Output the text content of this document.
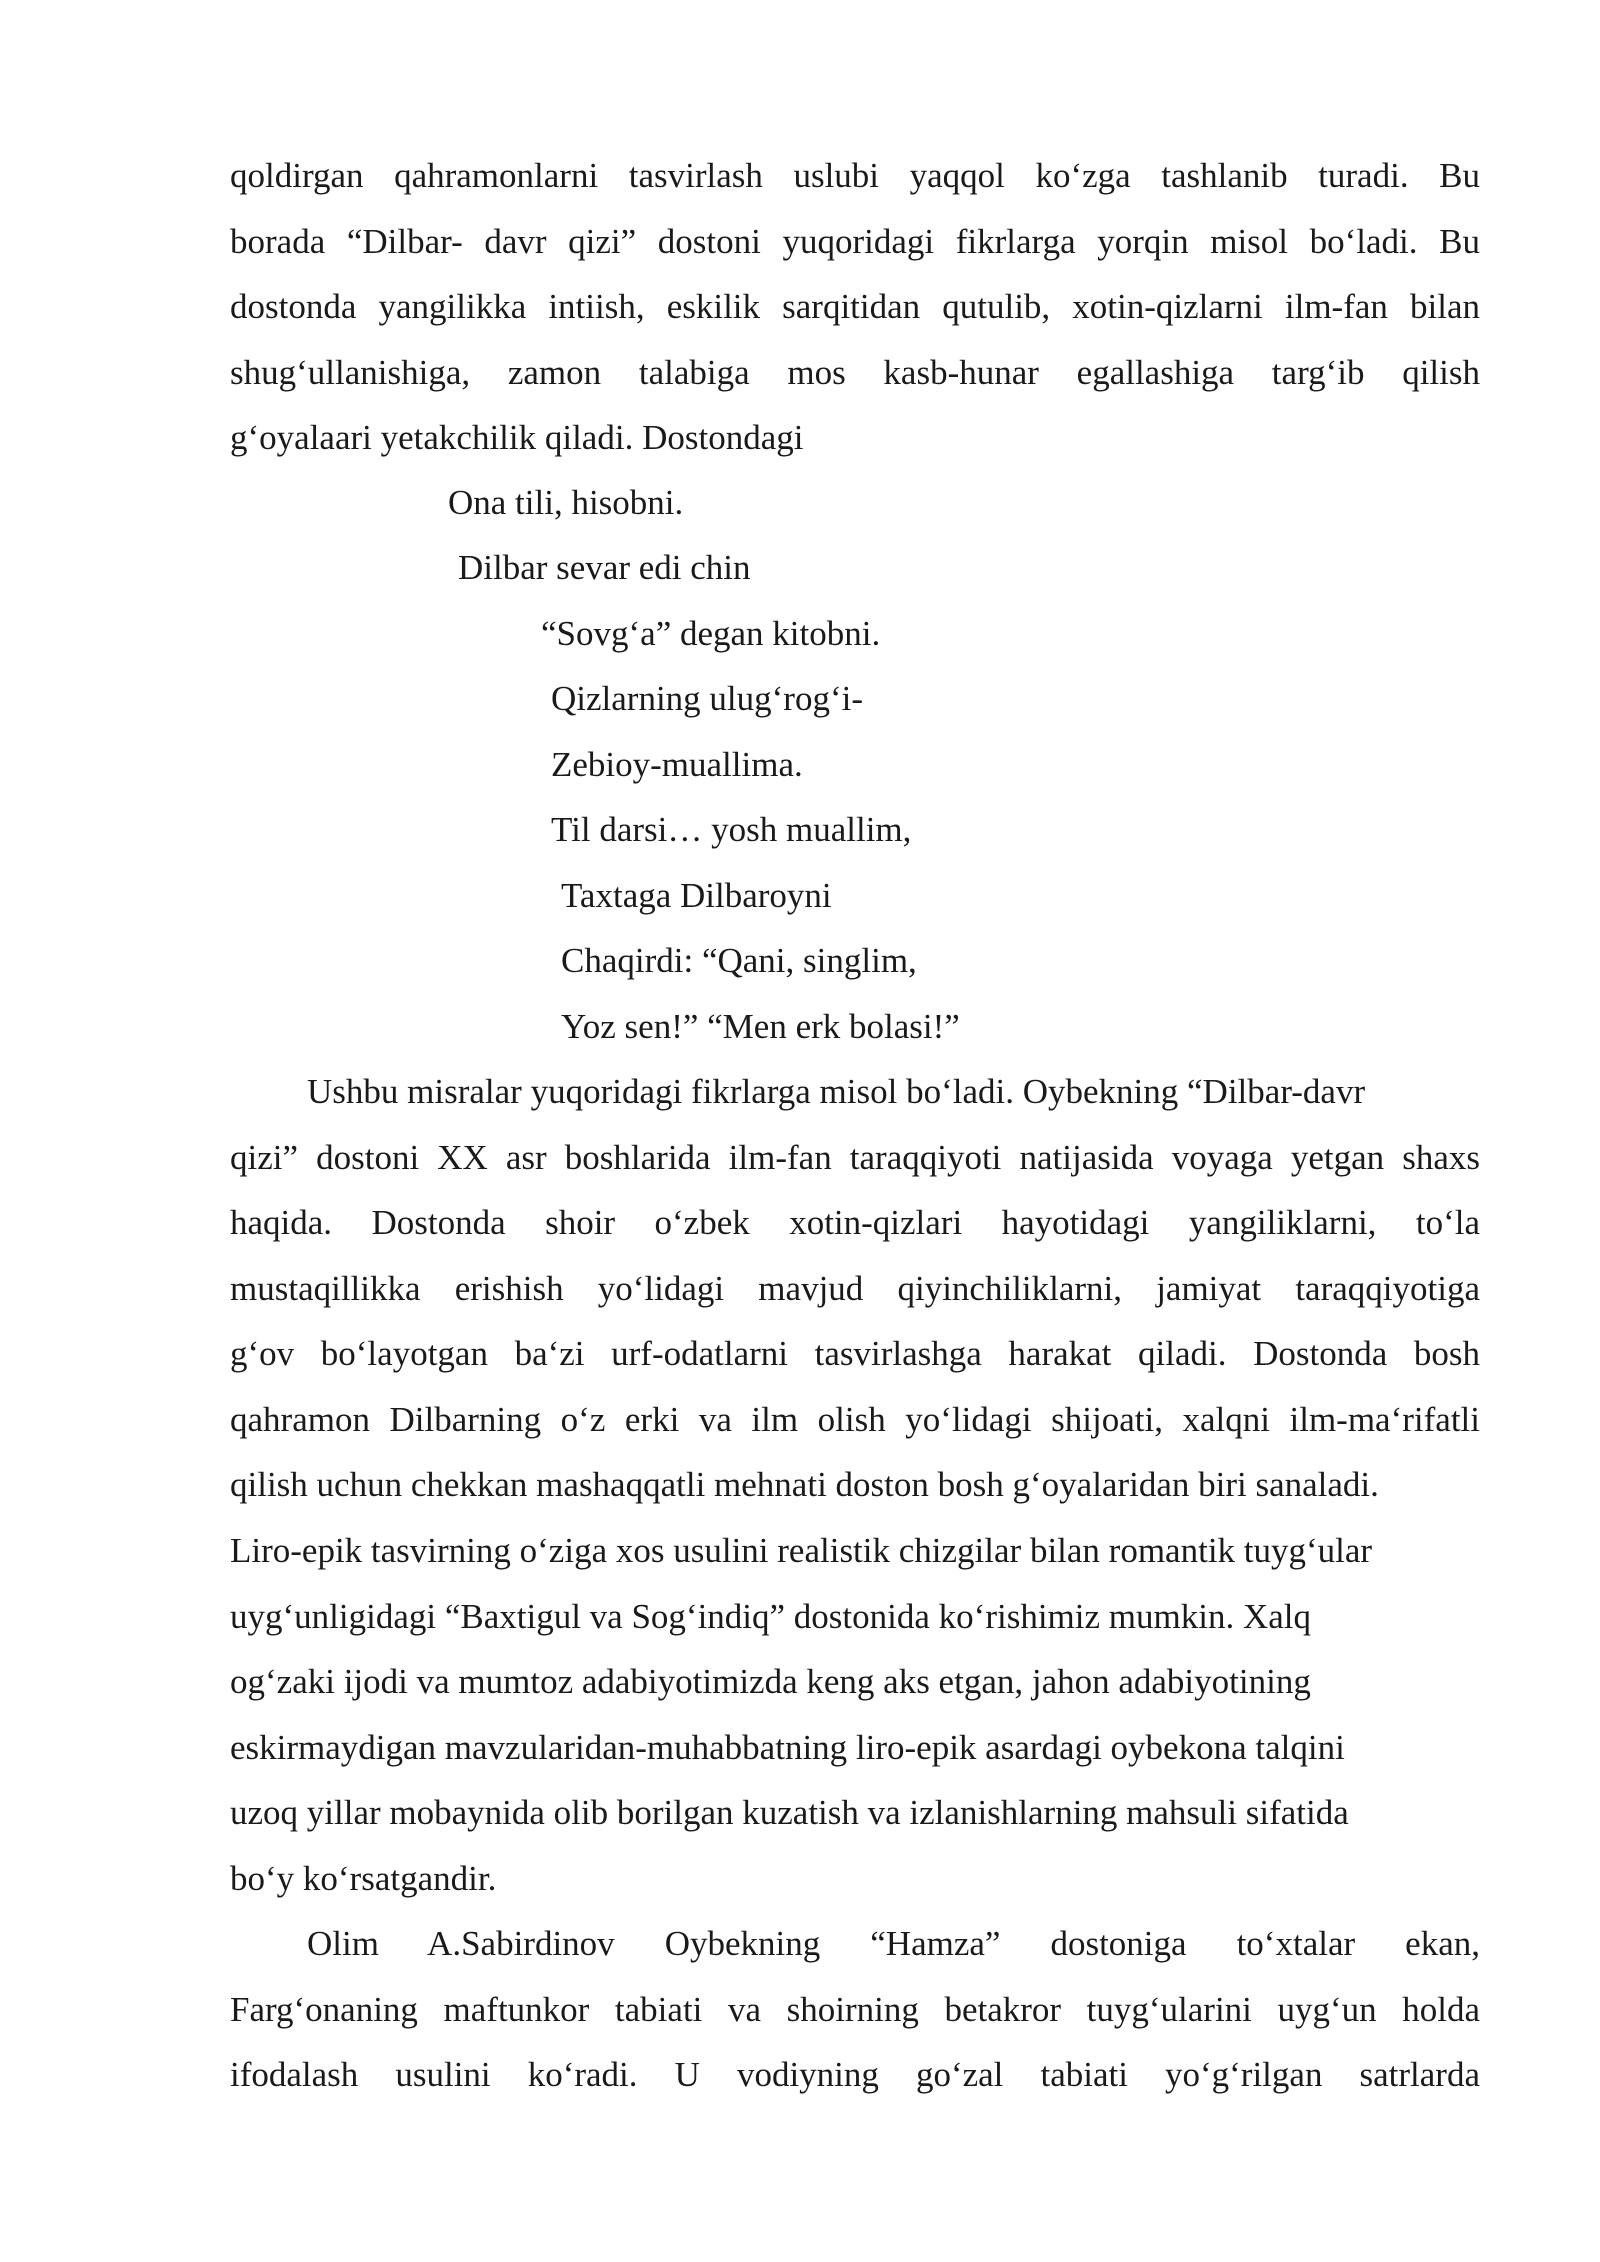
qoldirgan qahramonlarni tasvirlash uslubi yaqqol ko‘zga tashlanib turadi. Bu
borada “Dilbar- davr qizi” dostoni yuqoridagi fikrlarga yorqin misol bo‘ladi. Bu
dostonda yangilikka intiish, eskilik sarqitidan qutulib, xotin-qizlarni ilm-fan bilan
shug‘ullanishiga, zamon talabiga mos kasb-hunar egallashiga targ‘ib qilish
g‘oyalaari yetakchilik qiladi. Dostondagi
Ona tili, hisobni.
Dilbar sevar edi chin
“Sovg‘a” degan kitobni.
Qizlarning ulug‘rog‘i-
Zebioy-muallima.
Til darsi… yosh muallim,
Taxtaga Dilbaroyni
Chaqirdi: “Qani, singlim,
Yoz sen!” “Men erk bolasi!”
Ushbu misralar yuqoridagi fikrlarga misol bo‘ladi. Oybekning “Dilbar-davr
qizi” dostoni XX asr boshlarida ilm-fan taraqqiyoti natijasida voyaga yetgan shaxs
haqida. Dostonda shoir o‘zbek xotin-qizlari hayotidagi yangiliklarni, to‘la
mustaqillikka erishish yo‘lidagi mavjud qiyinchiliklarni, jamiyat taraqqiyotiga
g‘ov bo‘layotgan ba‘zi urf-odatlarni tasvirlashga harakat qiladi. Dostonda bosh
qahramon Dilbarning o‘z erki va ilm olish yo‘lidagi shijoati, xalqni ilm-ma‘rifatli
qilish uchun chekkan mashaqqatli mehnati doston bosh g‘oyalaridan biri sanaladi.
Liro-epik tasvirning o‘ziga xos usulini realistik chizgilar bilan romantik tuyg‘ular
uyg‘unligidagi “Baxtigul va Sog‘indiq” dostonida ko‘rishimiz mumkin. Xalq
og‘zaki ijodi va mumtoz adabiyotimizda keng aks etgan, jahon adabiyotining
eskirmaydigan mavzularidan-muhabbatning liro-epik asardagi oybekona talqini
uzoq yillar mobaynida olib borilgan kuzatish va izlanishlarning mahsuli sifatida
bo‘y ko‘rsatgandir.
Olim A.Sabirdinov Oybekning “Hamza” dostoniga to‘xtalar ekan,
Farg‘onaning maftunkor tabiati va shoirning betakror tuyg‘ularini uyg‘un holda
ifodalash usulini ko‘radi. U vodiyning go‘zal tabiati yo‘g‘rilgan satrlarda
